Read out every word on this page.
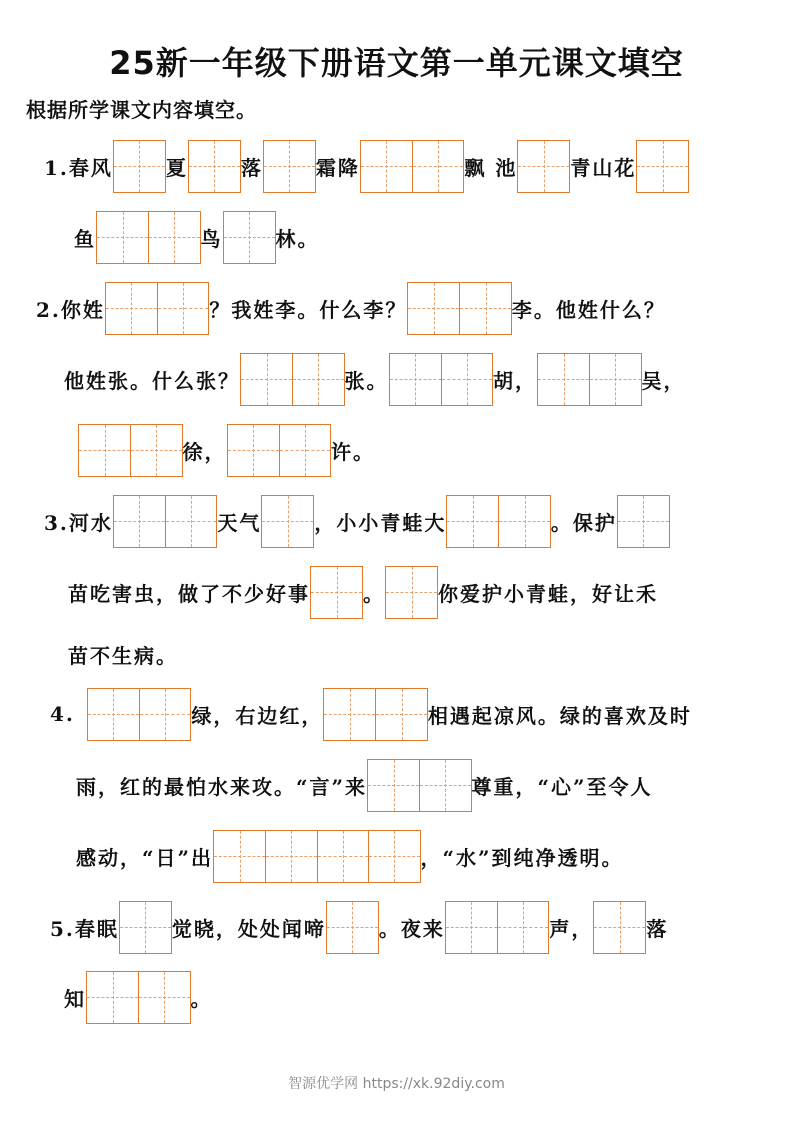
25新一年级下册语文第一单元课文填空
根据所学课文内容填空。
1.春风	夏	落	霜降	飘 池	青山花
鱼	鸟	林。
2.你姓	？我姓李。什么李？	李。他姓什么？
他姓张。什么张？	张。	胡，	吴，
徐，	许。
3.河水	天气	，小小青蛙大	。保护
苗吃害虫，做了不少好事	。	你爱护小青蛙，好让禾
苗不生病。
4.	绿，右边红，	相遇起凉风。绿的喜欢及时
雨，红的最怕水来攻。“言”来	尊重，“心”至令人
感动，“日”出	，“水”到纯净透明。
5.春眠	觉晓，处处闻啼	。夜来	声，	落
知	。
智源优学网 https://xk.92diy.com
